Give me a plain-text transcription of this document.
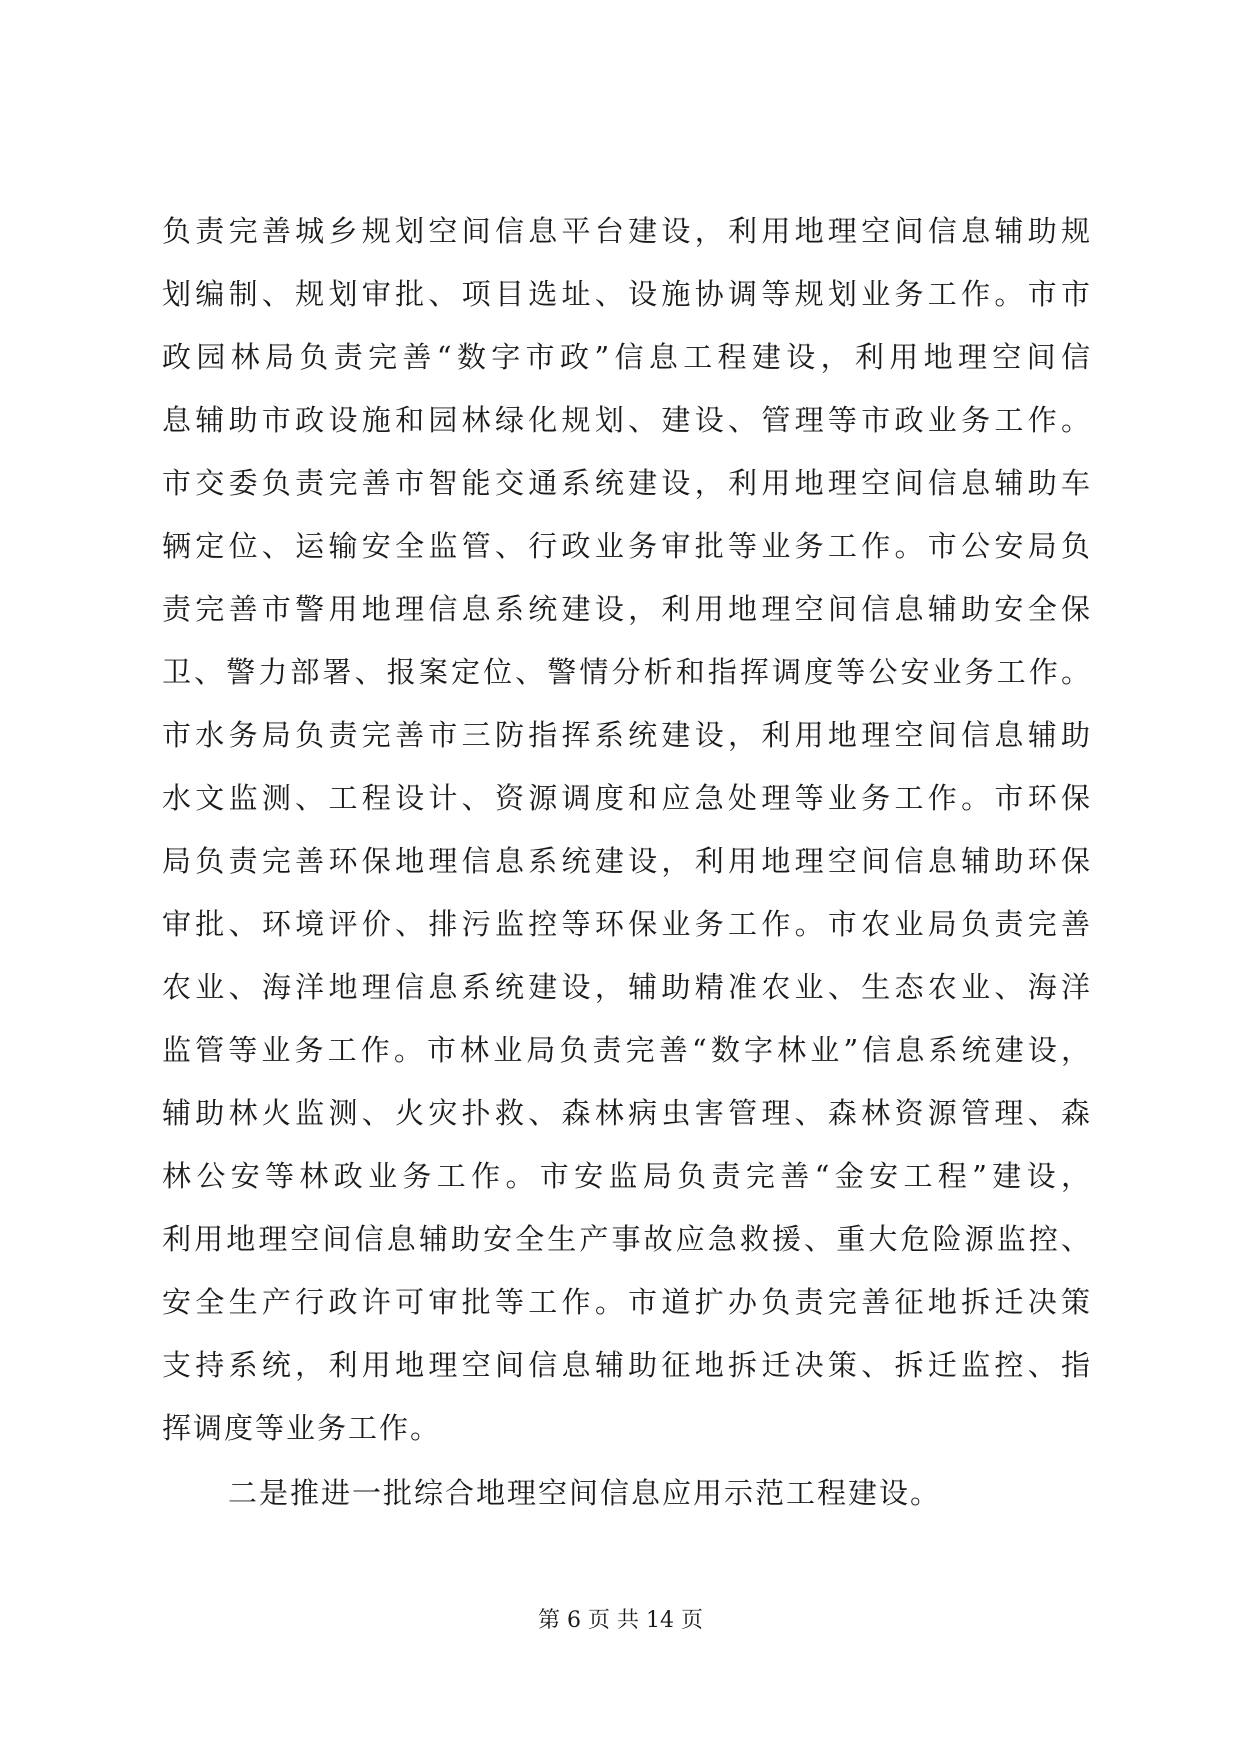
负责完善城乡规划空间信息平台建设，利用地理空间信息辅助规
划编制、规划审批、项目选址、设施协调等规划业务工作。市市
政园林局负责完善“数字市政”信息工程建设，利用地理空间信
息辅助市政设施和园林绿化规划、建设、管理等市政业务工作。
市交委负责完善市智能交通系统建设，利用地理空间信息辅助车
辆定位、运输安全监管、行政业务审批等业务工作。市公安局负
责完善市警用地理信息系统建设，利用地理空间信息辅助安全保
卫、警力部署、报案定位、警情分析和指挥调度等公安业务工作。
市水务局负责完善市三防指挥系统建设，利用地理空间信息辅助
水文监测、工程设计、资源调度和应急处理等业务工作。市环保
局负责完善环保地理信息系统建设，利用地理空间信息辅助环保
审批、环境评价、排污监控等环保业务工作。市农业局负责完善
农业、海洋地理信息系统建设，辅助精准农业、生态农业、海洋
监管等业务工作。市林业局负责完善“数字林业”信息系统建设，
辅助林火监测、火灾扑救、森林病虫害管理、森林资源管理、森
林公安等林政业务工作。市安监局负责完善“金安工程”建设，
利用地理空间信息辅助安全生产事故应急救援、重大危险源监控、
安全生产行政许可审批等工作。市道扩办负责完善征地拆迁决策
支持系统，利用地理空间信息辅助征地拆迁决策、拆迁监控、指
挥调度等业务工作。
二是推进一批综合地理空间信息应用示范工程建设。
第 6 页 共 14 页
